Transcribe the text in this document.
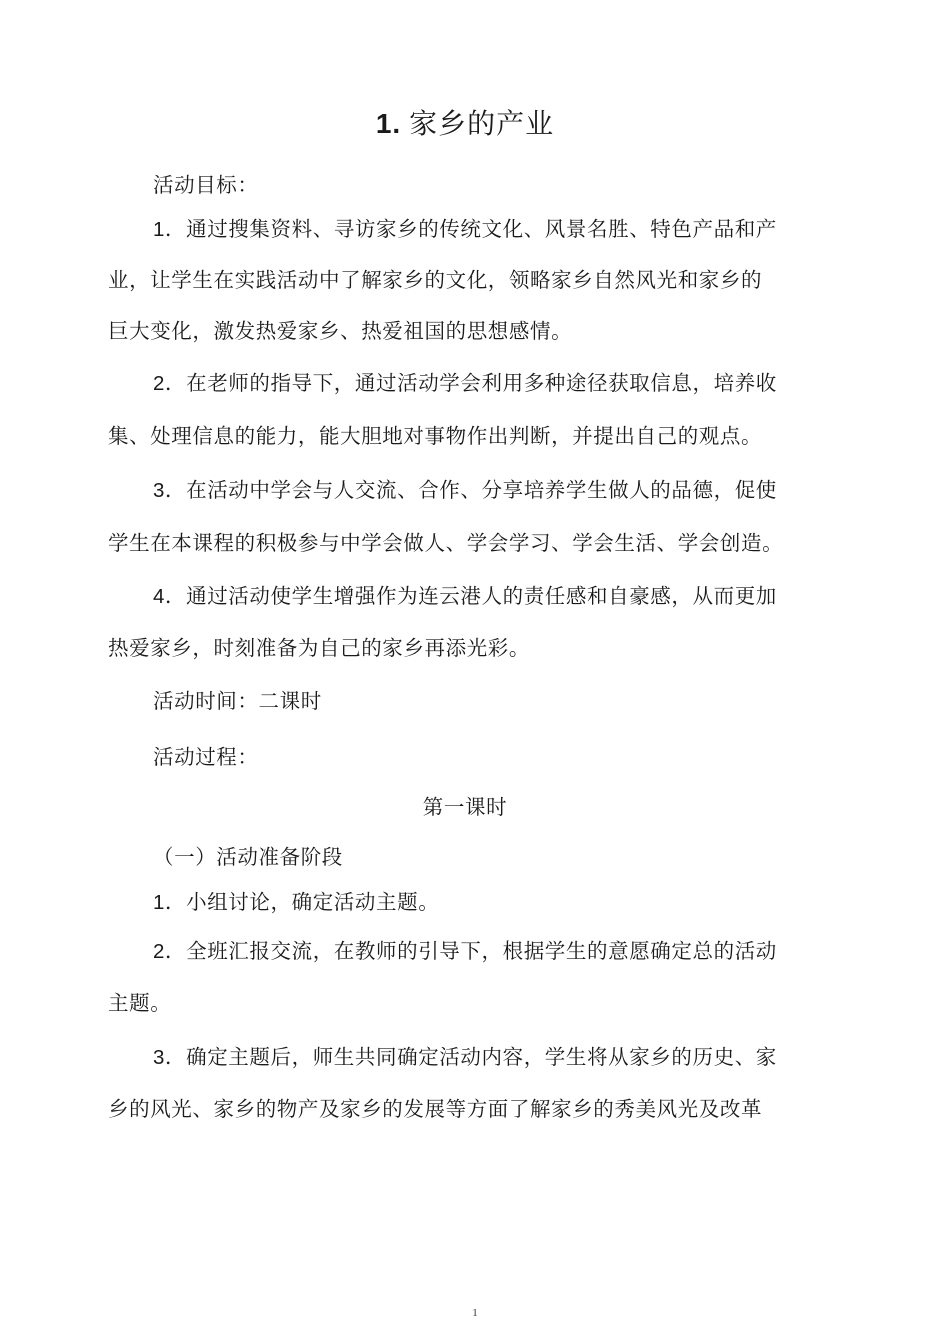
1. 家乡的产业
活动目标：
1．通过搜集资料、寻访家乡的传统文化、风景名胜、特色产品和产
业，让学生在实践活动中了解家乡的文化，领略家乡自然风光和家乡的
巨大变化，激发热爱家乡、热爱祖国的思想感情。
2．在老师的指导下，通过活动学会利用多种途径获取信息，培养收
集、处理信息的能力，能大胆地对事物作出判断，并提出自己的观点。
3．在活动中学会与人交流、合作、分享培养学生做人的品德，促使
学生在本课程的积极参与中学会做人、学会学习、学会生活、学会创造。
4．通过活动使学生增强作为连云港人的责任感和自豪感，从而更加
热爱家乡，时刻准备为自己的家乡再添光彩。
活动时间：二课时
活动过程：
第一课时
（一）活动准备阶段
1．小组讨论，确定活动主题。
2．全班汇报交流，在教师的引导下，根据学生的意愿确定总的活动
主题。
3．确定主题后，师生共同确定活动内容，学生将从家乡的历史、家
乡的风光、家乡的物产及家乡的发展等方面了解家乡的秀美风光及改革
1
